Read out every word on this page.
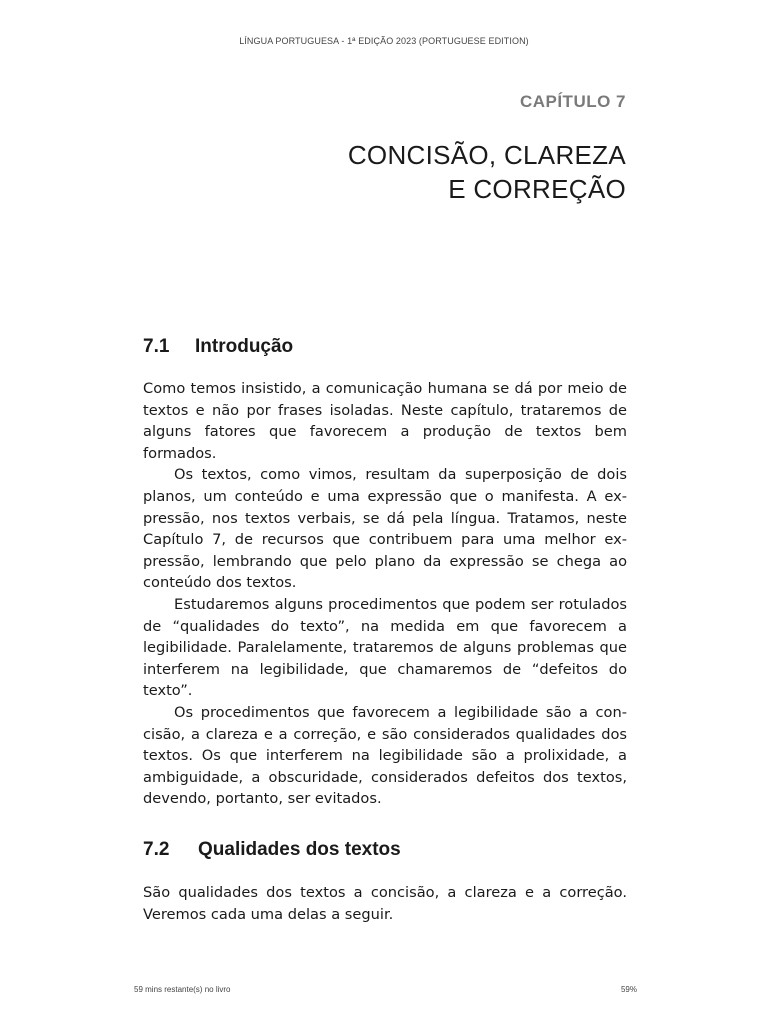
LÍNGUA PORTUGUESA - 1ª EDIÇÃO 2023 (PORTUGUESE EDITION)
CAPÍTULO 7
CONCISÃO, CLAREZA
E CORREÇÃO
7.1 Introdução

Como temos insistido, a comunicação humana se dá por meio de textos e não por frases isoladas. Neste capítulo, trataremos de alguns fatores que favorecem a produção de textos bem formados.

Os textos, como vimos, resultam da superposição de dois planos, um conteúdo e uma expressão que o manifesta. A expressão, nos textos verbais, se dá pela língua. Tratamos, neste Capítulo 7, de recursos que contribuem para uma melhor expressão, lembrando que pelo plano da expressão se chega ao conteúdo dos textos.

Estudaremos alguns procedimentos que podem ser rotulados de “qualidades do texto”, na medida em que favorecem a legibilidade. Paralelamente, trataremos de alguns problemas que interferem na legibilidade, que chamaremos de “defeitos do texto”.

Os procedimentos que favorecem a legibilidade são a concisão, a clareza e a correção, e são considerados qualidades dos textos. Os que interferem na legibilidade são a prolixidade, a ambiguidade, a obscuridade, considerados defeitos dos textos, devendo, portanto, ser evitados.

7.2 Qualidades dos textos

São qualidades dos textos a concisão, a clareza e a correção. Veremos cada uma delas a seguir.

59 mins restante(s) no livro	59%
